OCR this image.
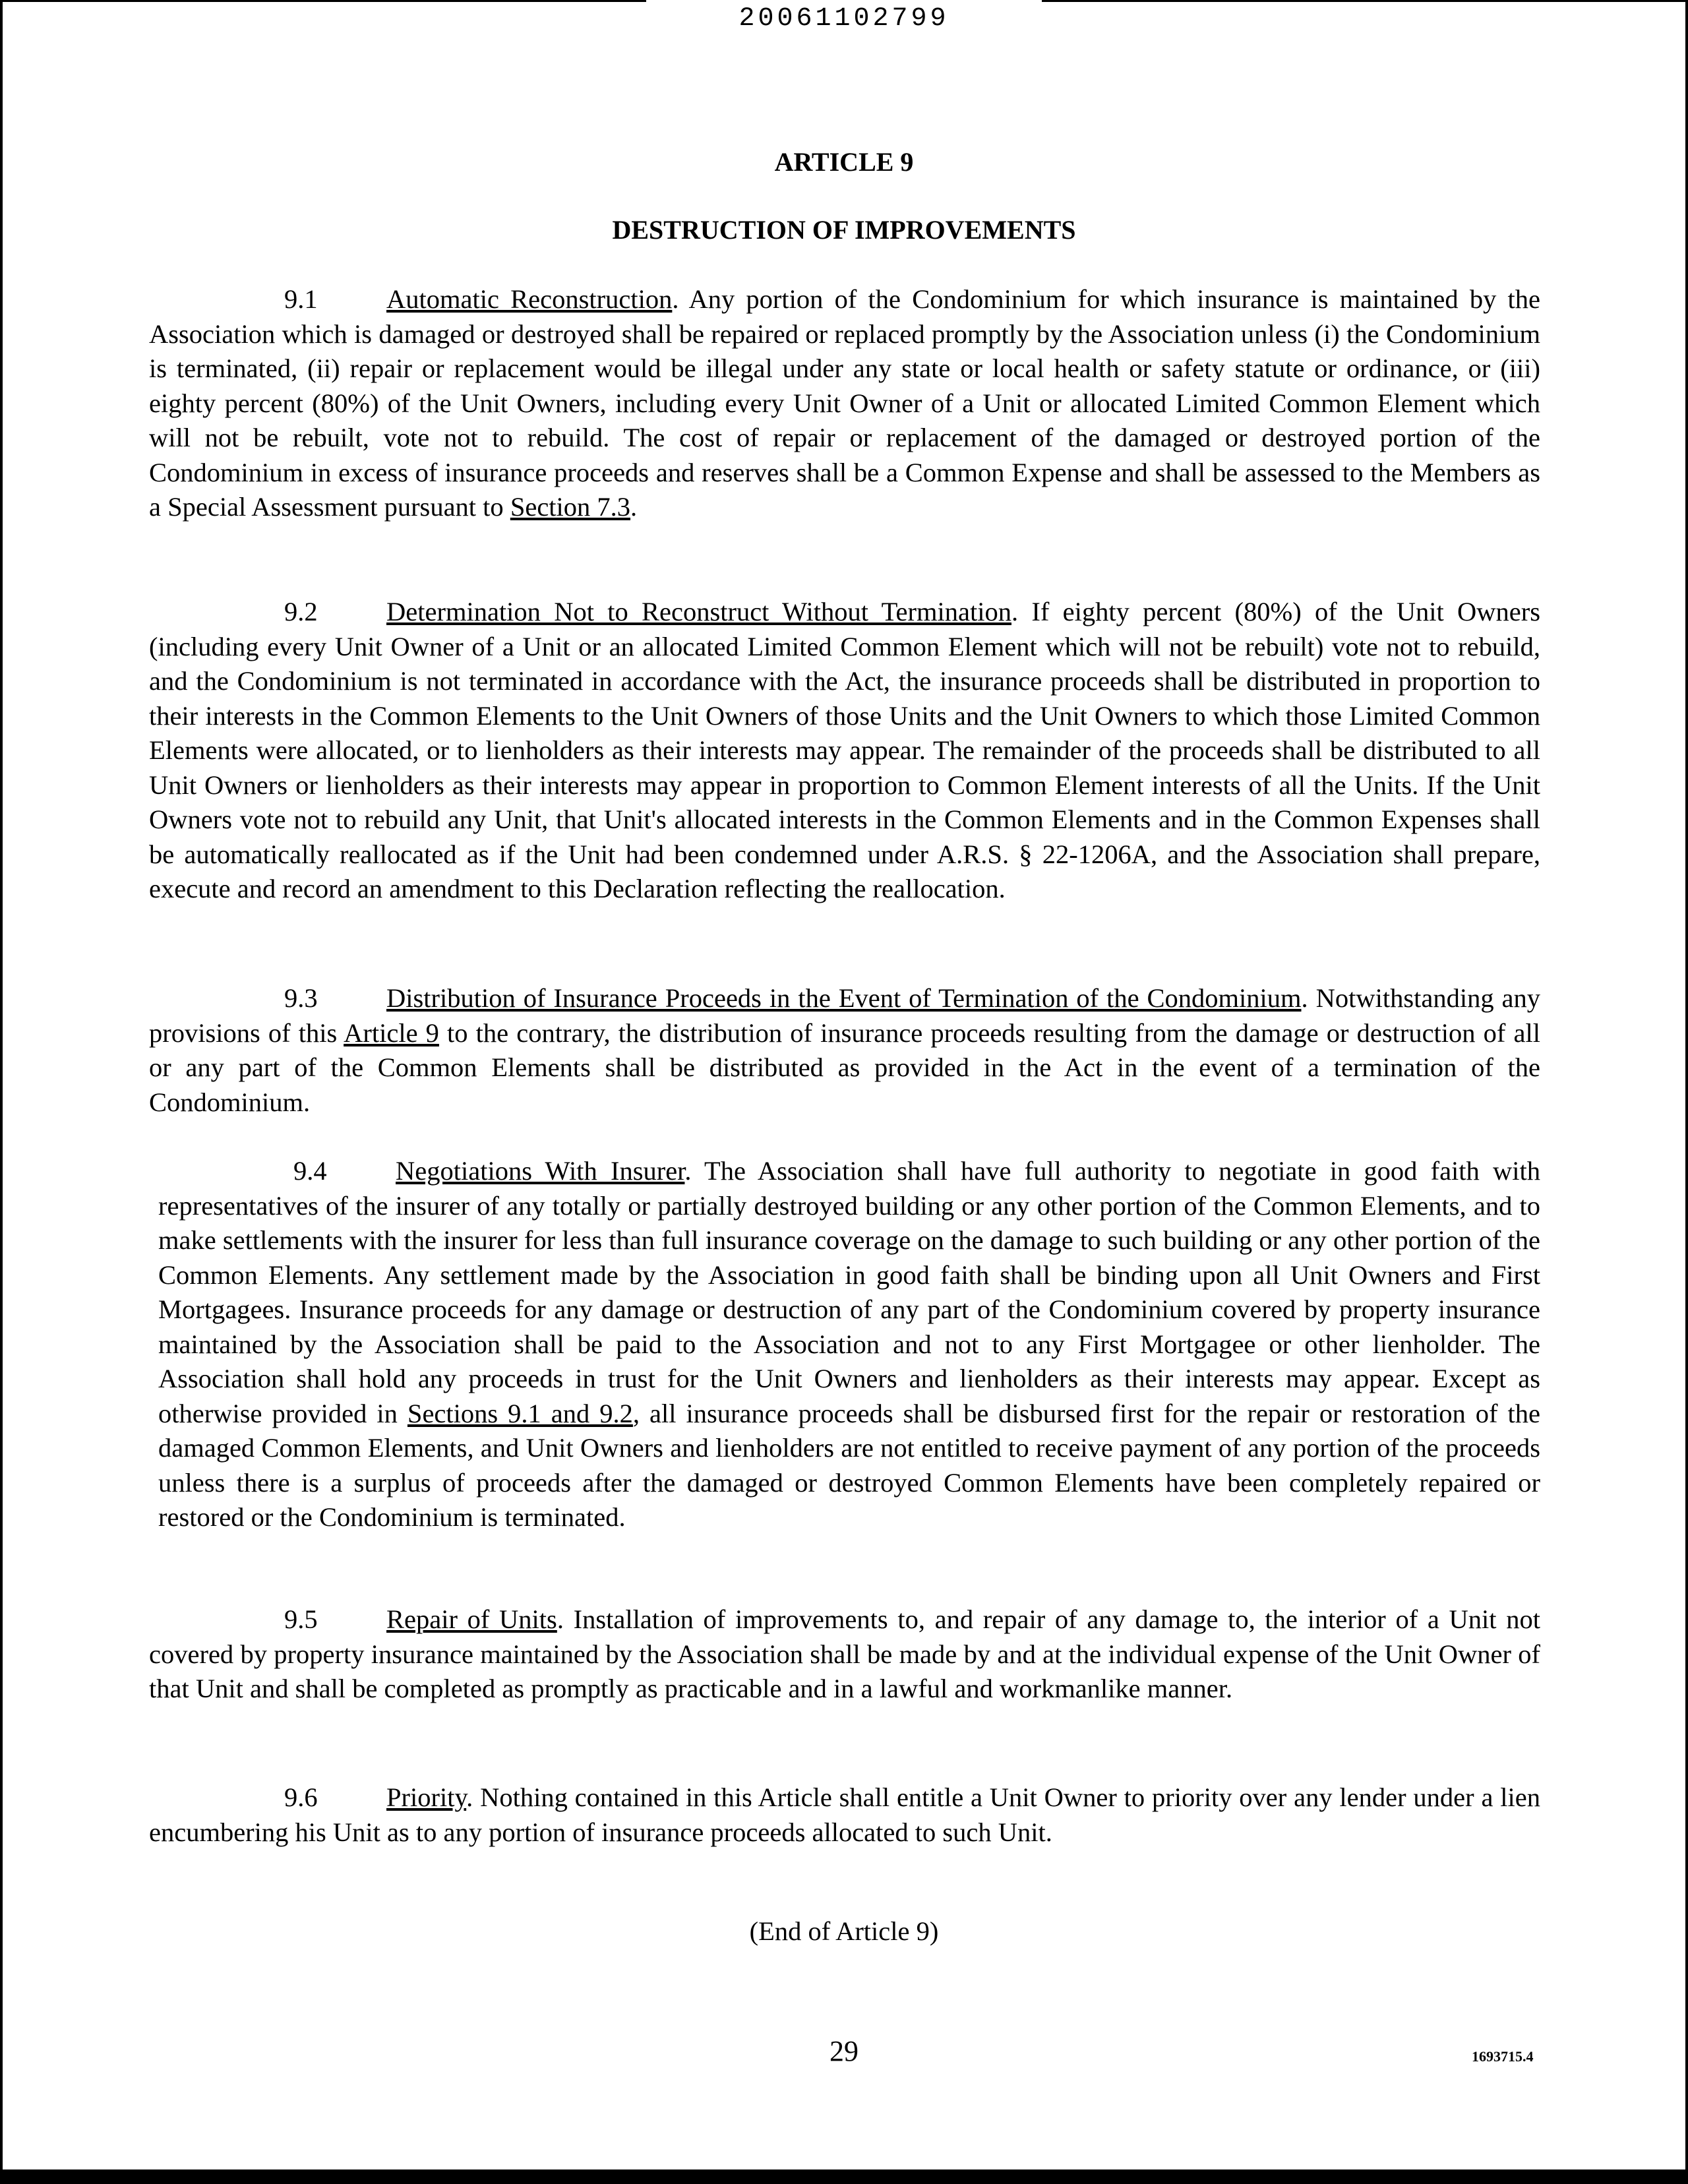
20061102799
ARTICLE 9
DESTRUCTION OF IMPROVEMENTS

9.1	Automatic Reconstruction. Any portion of the Condominium for which insurance is maintained by the Association which is damaged or destroyed shall be repaired or replaced promptly by the Association unless (i) the Condominium is terminated, (ii) repair or replacement would be illegal under any state or local health or safety statute or ordinance, or (iii) eighty percent (80%) of the Unit Owners, including every Unit Owner of a Unit or allocated Limited Common Element which will not be rebuilt, vote not to rebuild. The cost of repair or replacement of the damaged or destroyed portion of the Condominium in excess of insurance proceeds and reserves shall be a Common Expense and shall be assessed to the Members as a Special Assessment pursuant to Section 7.3.

9.2	Determination Not to Reconstruct Without Termination. If eighty percent (80%) of the Unit Owners (including every Unit Owner of a Unit or an allocated Limited Common Element which will not be rebuilt) vote not to rebuild, and the Condominium is not terminated in accordance with the Act, the insurance proceeds shall be distributed in proportion to their interests in the Common Elements to the Unit Owners of those Units and the Unit Owners to which those Limited Common Elements were allocated, or to lienholders as their interests may appear. The remainder of the proceeds shall be distributed to all Unit Owners or lienholders as their interests may appear in proportion to Common Element interests of all the Units. If the Unit Owners vote not to rebuild any Unit, that Unit's allocated interests in the Common Elements and in the Common Expenses shall be automatically reallocated as if the Unit had been condemned under A.R.S. § 22-1206A, and the Association shall prepare, execute and record an amendment to this Declaration reflecting the reallocation.

9.3	Distribution of Insurance Proceeds in the Event of Termination of the Condominium. Notwithstanding any provisions of this Article 9 to the contrary, the distribution of insurance proceeds resulting from the damage or destruction of all or any part of the Common Elements shall be distributed as provided in the Act in the event of a termination of the Condominium.

9.4	Negotiations With Insurer. The Association shall have full authority to negotiate in good faith with representatives of the insurer of any totally or partially destroyed building or any other portion of the Common Elements, and to make settlements with the insurer for less than full insurance coverage on the damage to such building or any other portion of the Common Elements. Any settlement made by the Association in good faith shall be binding upon all Unit Owners and First Mortgagees. Insurance proceeds for any damage or destruction of any part of the Condominium covered by property insurance maintained by the Association shall be paid to the Association and not to any First Mortgagee or other lienholder. The Association shall hold any proceeds in trust for the Unit Owners and lienholders as their interests may appear. Except as otherwise provided in Sections 9.1 and 9.2, all insurance proceeds shall be disbursed first for the repair or restoration of the damaged Common Elements, and Unit Owners and lienholders are not entitled to receive payment of any portion of the proceeds unless there is a surplus of proceeds after the damaged or destroyed Common Elements have been completely repaired or restored or the Condominium is terminated.

9.5	Repair of Units. Installation of improvements to, and repair of any damage to, the interior of a Unit not covered by property insurance maintained by the Association shall be made by and at the individual expense of the Unit Owner of that Unit and shall be completed as promptly as practicable and in a lawful and workmanlike manner.

9.6	Priority. Nothing contained in this Article shall entitle a Unit Owner to priority over any lender under a lien encumbering his Unit as to any portion of insurance proceeds allocated to such Unit.

(End of Article 9)
29	1693715.4
